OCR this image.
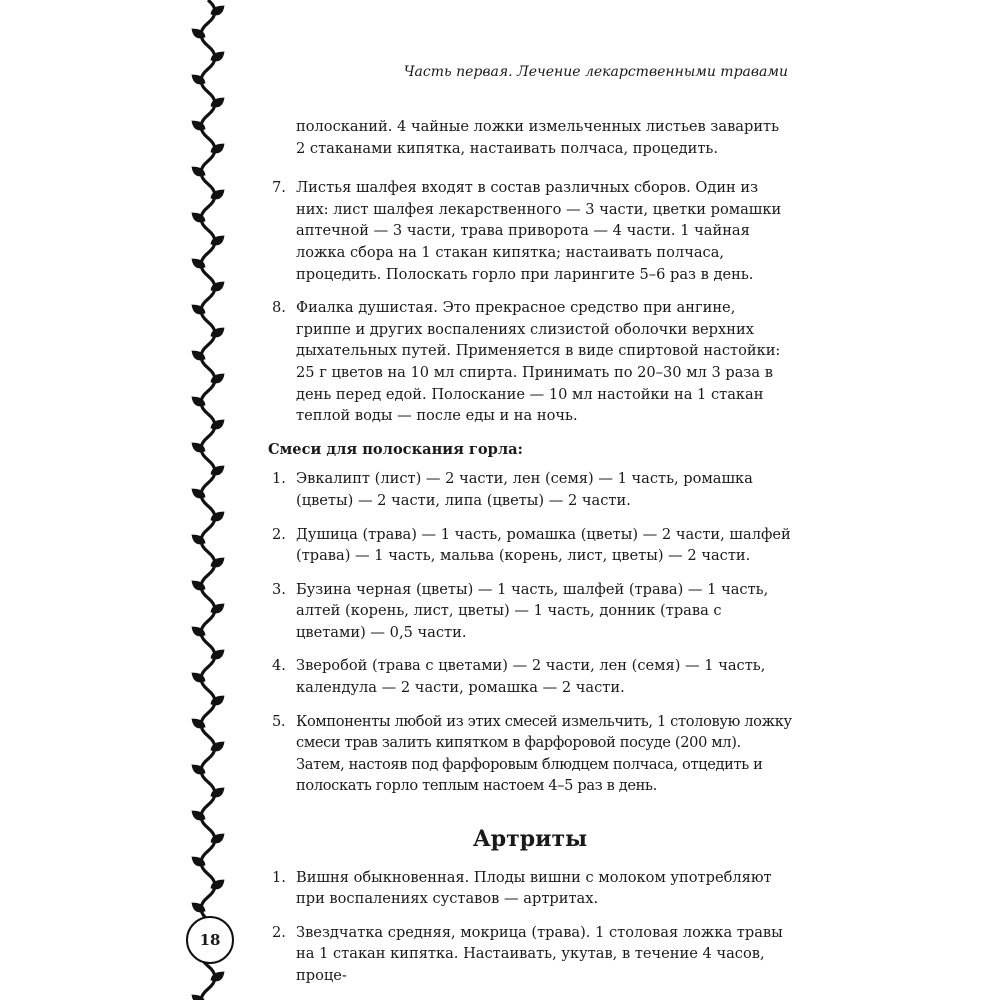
18
Часть первая. Лечение лекарственными травами

полосканий. 4 чайные ложки измельченных листьев заварить 2 стаканами кипятка, настаивать полчаса, процедить.

7. Листья шалфея входят в состав различных сборов. Один из них: лист шалфея лекарственного — 3 части, цветки ромашки аптечной — 3 части, трава приворота — 4 части. 1 чайная ложка сбора на 1 стакан кипятка; настаивать полчаса, процедить. Полоскать горло при ларингите 5–6 раз в день.
8. Фиалка душистая. Это прекрасное средство при ангине, гриппе и других воспалениях слизистой оболочки верхних дыхательных путей. Применяется в виде спиртовой настойки: 25 г цветов на 10 мл спирта. Принимать по 20–30 мл 3 раза в день перед едой. Полоскание — 10 мл настойки на 1 стакан теплой воды — после еды и на ночь.

Смеси для полоскания горла:

1. Эвкалипт (лист) — 2 части, лен (семя) — 1 часть, ромашка (цветы) — 2 части, липа (цветы) — 2 части.
2. Душица (трава) — 1 часть, ромашка (цветы) — 2 части, шалфей (трава) — 1 часть, мальва (корень, лист, цветы) — 2 части.
3. Бузина черная (цветы) — 1 часть, шалфей (трава) — 1 часть, алтей (корень, лист, цветы) — 1 часть, донник (трава с цветами) — 0,5 части.
4. Зверобой (трава с цветами) — 2 части, лен (семя) — 1 часть, календула — 2 части, ромашка — 2 части.
5. Компоненты любой из этих смесей измельчить, 1 столовую ложку смеси трав залить кипятком в фарфоровой посуде (200 мл). Затем, настояв под фарфоровым блюдцем полчаса, отцедить и полоскать горло теплым настоем 4–5 раз в день.

Артриты

1. Вишня обыкновенная. Плоды вишни с молоком употребляют при воспалениях суставов — артритах.
2. Звездчатка средняя, мокрица (трава). 1 столовая ложка травы на 1 стакан кипятка. Настаивать, укутав, в течение 4 часов, проце-
